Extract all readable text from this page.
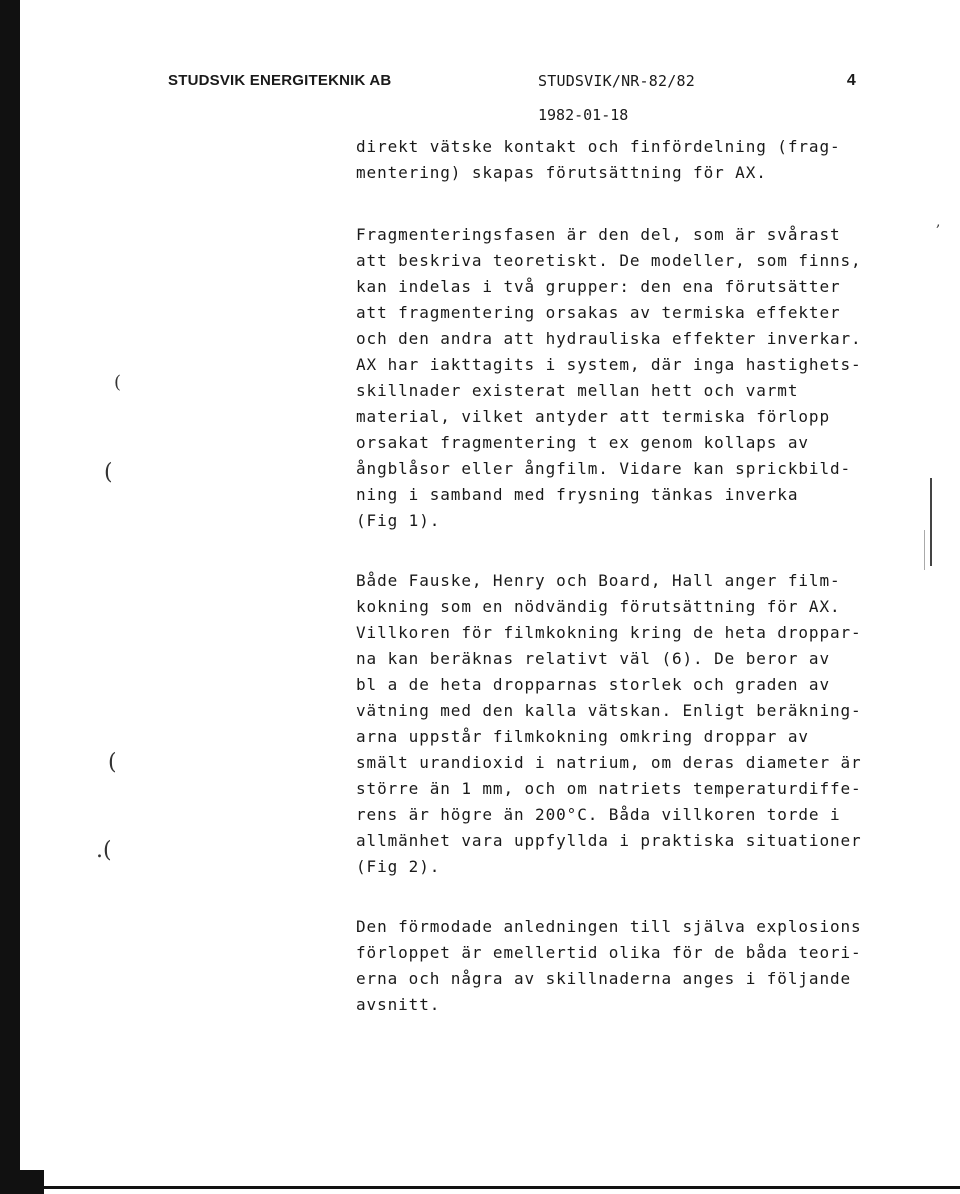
(
(
(
.(
,
STUDSVIK ENERGITEKNIK AB	STUDSVIK/NR-82/82	4
1982-01-18
direkt vätske kontakt och finfördelning (frag-
mentering) skapas förutsättning för AX.
Fragmenteringsfasen är den del, som är svårast
att beskriva teoretiskt. De modeller, som finns,
kan indelas i två grupper: den ena förutsätter
att fragmentering orsakas av termiska effekter
och den andra att hydrauliska effekter inverkar.
AX har iakttagits i system, där inga hastighets-
skillnader existerat mellan hett och varmt
material, vilket antyder att termiska förlopp
orsakat fragmentering t ex genom kollaps av
ångblåsor eller ångfilm. Vidare kan sprickbild-
ning i samband med frysning tänkas inverka
(Fig 1).
Både Fauske, Henry och Board, Hall anger film-
kokning som en nödvändig förutsättning för AX.
Villkoren för filmkokning kring de heta droppar-
na kan beräknas relativt väl (6). De beror av
bl a de heta dropparnas storlek och graden av
vätning med den kalla vätskan. Enligt beräkning-
arna uppstår filmkokning omkring droppar av
smält urandioxid i natrium, om deras diameter är
större än 1 mm, och om natriets temperaturdiffe-
rens är högre än 200°C. Båda villkoren torde i
allmänhet vara uppfyllda i praktiska situationer
(Fig 2).
Den förmodade anledningen till själva explosions
förloppet är emellertid olika för de båda teori-
erna och några av skillnaderna anges i följande
avsnitt.
